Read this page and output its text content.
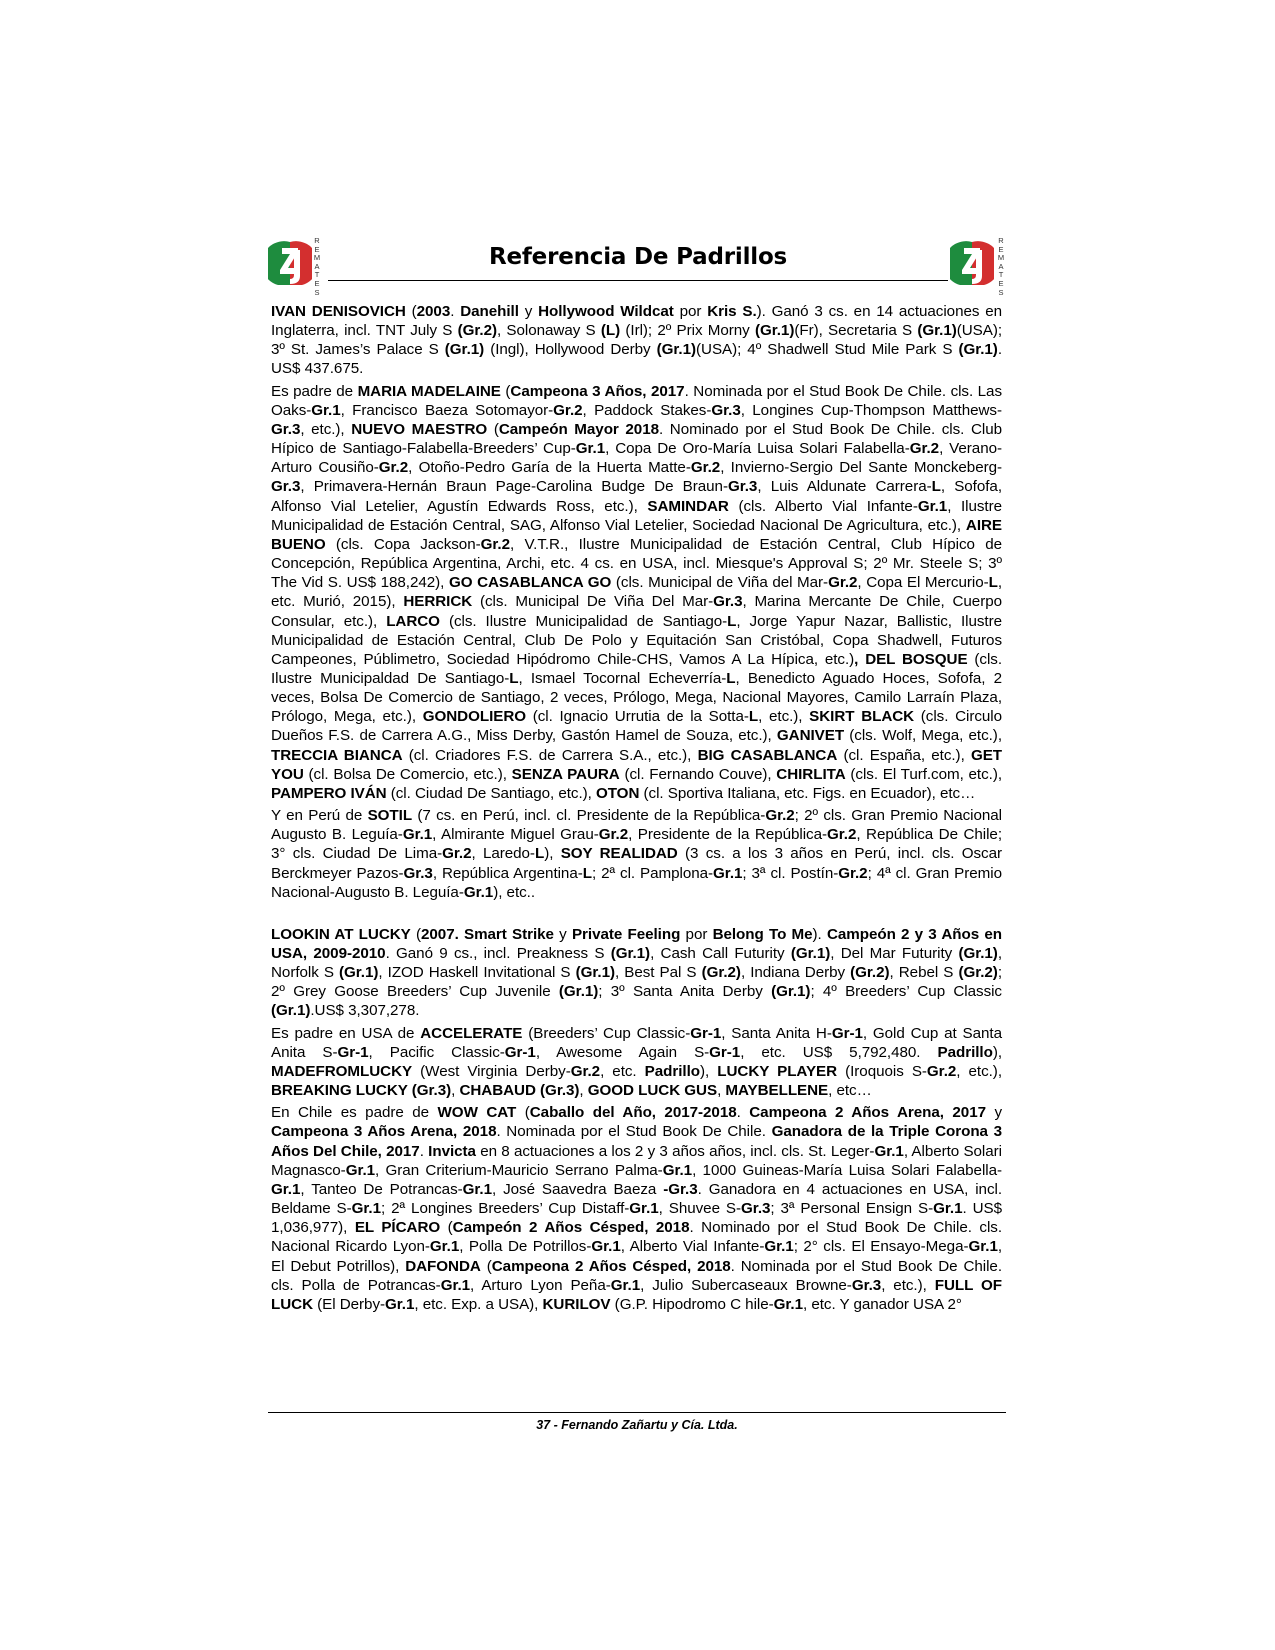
R
E
M
A
T
E
S
Referencia De Padrillos
R
E
M
A
T
E
S

IVAN DENISOVICH (2003. Danehill y Hollywood Wildcat por Kris S.). Ganó 3 cs. en 14 actuaciones en Inglaterra, incl. TNT July S (Gr.2), Solonaway S (L) (Irl); 2º Prix Morny (Gr.1)(Fr), Secretaria S (Gr.1)(USA); 3º St. James’s Palace S (Gr.1) (Ingl), Hollywood Derby (Gr.1)(USA); 4º Shadwell Stud Mile Park S (Gr.1). US$ 437.675.

Es padre de MARIA MADELAINE (Campeona 3 Años, 2017. Nominada por el Stud Book De Chile. cls. Las Oaks-Gr.1, Francisco Baeza Sotomayor-Gr.2, Paddock Stakes-Gr.3, Longines Cup-Thompson Matthews-Gr.3, etc.), NUEVO MAESTRO (Campeón Mayor 2018. Nominado por el Stud Book De Chile. cls. Club Hípico de Santiago-Falabella-Breeders’ Cup-Gr.1, Copa De Oro-María Luisa Solari Falabella-Gr.2, Verano-Arturo Cousiño-Gr.2, Otoño-Pedro Garía de la Huerta Matte-Gr.2, Invierno-Sergio Del Sante Monckeberg-Gr.3, Primavera-Hernán Braun Page-Carolina Budge De Braun-Gr.3, Luis Aldunate Carrera-L, Sofofa, Alfonso Vial Letelier, Agustín Edwards Ross, etc.), SAMINDAR (cls. Alberto Vial Infante-Gr.1, Ilustre Municipalidad de Estación Central, SAG, Alfonso Vial Letelier, Sociedad Nacional De Agricultura, etc.), AIRE BUENO (cls. Copa Jackson-Gr.2, V.T.R., Ilustre Municipalidad de Estación Central, Club Hípico de Concepción, República Argentina, Archi, etc. 4 cs. en USA, incl. Miesque's Approval S; 2º Mr. Steele S; 3º The Vid S. US$ 188,242), GO CASABLANCA GO (cls. Municipal de Viña del Mar-Gr.2, Copa El Mercurio-L, etc. Murió, 2015), HERRICK (cls. Municipal De Viña Del Mar-Gr.3, Marina Mercante De Chile, Cuerpo Consular, etc.), LARCO (cls. Ilustre Municipalidad de Santiago-L, Jorge Yapur Nazar, Ballistic, Ilustre Municipalidad de Estación Central, Club De Polo y Equitación San Cristóbal, Copa Shadwell, Futuros Campeones, Públimetro, Sociedad Hipódromo Chile-CHS, Vamos A La Hípica, etc.), DEL BOSQUE (cls. Ilustre Municipaldad De Santiago-L, Ismael Tocornal Echeverría-L, Benedicto Aguado Hoces, Sofofa, 2 veces, Bolsa De Comercio de Santiago, 2 veces, Prólogo, Mega, Nacional Mayores, Camilo Larraín Plaza, Prólogo, Mega, etc.), GONDOLIERO (cl. Ignacio Urrutia de la Sotta-L, etc.), SKIRT BLACK (cls. Circulo Dueños F.S. de Carrera A.G., Miss Derby, Gastón Hamel de Souza, etc.), GANIVET (cls. Wolf, Mega, etc.), TRECCIA BIANCA (cl. Criadores F.S. de Carrera S.A., etc.), BIG CASABLANCA (cl. España, etc.), GET YOU (cl. Bolsa De Comercio, etc.), SENZA PAURA (cl. Fernando Couve), CHIRLITA (cls. El Turf.com, etc.), PAMPERO IVÁN (cl. Ciudad De Santiago, etc.), OTON (cl. Sportiva Italiana, etc. Figs. en Ecuador), etc…

Y en Perú de SOTIL (7 cs. en Perú, incl. cl. Presidente de la República-Gr.2; 2º cls. Gran Premio Nacional Augusto B. Leguía-Gr.1, Almirante Miguel Grau-Gr.2, Presidente de la República-Gr.2, República De Chile; 3° cls. Ciudad De Lima-Gr.2, Laredo-L), SOY REALIDAD (3 cs. a los 3 años en Perú, incl. cls. Oscar Berckmeyer Pazos-Gr.3, República Argentina-L; 2ª cl. Pamplona-Gr.1; 3ª cl. Postín-Gr.2; 4ª cl. Gran Premio Nacional-Augusto B. Leguía-Gr.1), etc..

LOOKIN AT LUCKY (2007. Smart Strike y Private Feeling por Belong To Me). Campeón 2 y 3 Años en USA, 2009-2010. Ganó 9 cs., incl. Preakness S (Gr.1), Cash Call Futurity (Gr.1), Del Mar Futurity (Gr.1), Norfolk S (Gr.1), IZOD Haskell Invitational S (Gr.1), Best Pal S (Gr.2), Indiana Derby (Gr.2), Rebel S (Gr.2); 2º Grey Goose Breeders’ Cup Juvenile (Gr.1); 3º Santa Anita Derby (Gr.1); 4º Breeders’ Cup Classic (Gr.1).US$ 3,307,278.

Es padre en USA de ACCELERATE (Breeders’ Cup Classic-Gr-1, Santa Anita H-Gr-1, Gold Cup at Santa Anita S-Gr-1, Pacific Classic-Gr-1, Awesome Again S-Gr-1, etc. US$ 5,792,480. Padrillo), MADEFROMLUCKY (West Virginia Derby-Gr.2, etc. Padrillo), LUCKY PLAYER (Iroquois S-Gr.2, etc.), BREAKING LUCKY (Gr.3), CHABAUD (Gr.3), GOOD LUCK GUS, MAYBELLENE, etc…

En Chile es padre de WOW CAT (Caballo del Año, 2017-2018. Campeona 2 Años Arena, 2017 y Campeona 3 Años Arena, 2018. Nominada por el Stud Book De Chile. Ganadora de la Triple Corona 3 Años Del Chile, 2017. Invicta en 8 actuaciones a los 2 y 3 años años, incl. cls. St. Leger-Gr.1, Alberto Solari Magnasco-Gr.1, Gran Criterium-Mauricio Serrano Palma-Gr.1, 1000 Guineas-María Luisa Solari Falabella-Gr.1, Tanteo De Potrancas-Gr.1, José Saavedra Baeza -Gr.3. Ganadora en 4 actuaciones en USA, incl. Beldame S-Gr.1; 2ª Longines Breeders’ Cup Distaff-Gr.1, Shuvee S-Gr.3; 3ª Personal Ensign S-Gr.1. US$ 1,036,977), EL PÍCARO (Campeón 2 Años Césped, 2018. Nominado por el Stud Book De Chile. cls. Nacional Ricardo Lyon-Gr.1, Polla De Potrillos-Gr.1, Alberto Vial Infante-Gr.1; 2° cls. El Ensayo-Mega-Gr.1, El Debut Potrillos), DAFONDA (Campeona 2 Años Césped, 2018. Nominada por el Stud Book De Chile. cls. Polla de Potrancas-Gr.1, Arturo Lyon Peña-Gr.1, Julio Subercaseaux Browne-Gr.3, etc.), FULL OF LUCK (El Derby-Gr.1, etc. Exp. a USA), KURILOV (G.P. Hipodromo C hile-Gr.1, etc. Y ganador USA 2°

37 - Fernando Zañartu y Cía. Ltda.
